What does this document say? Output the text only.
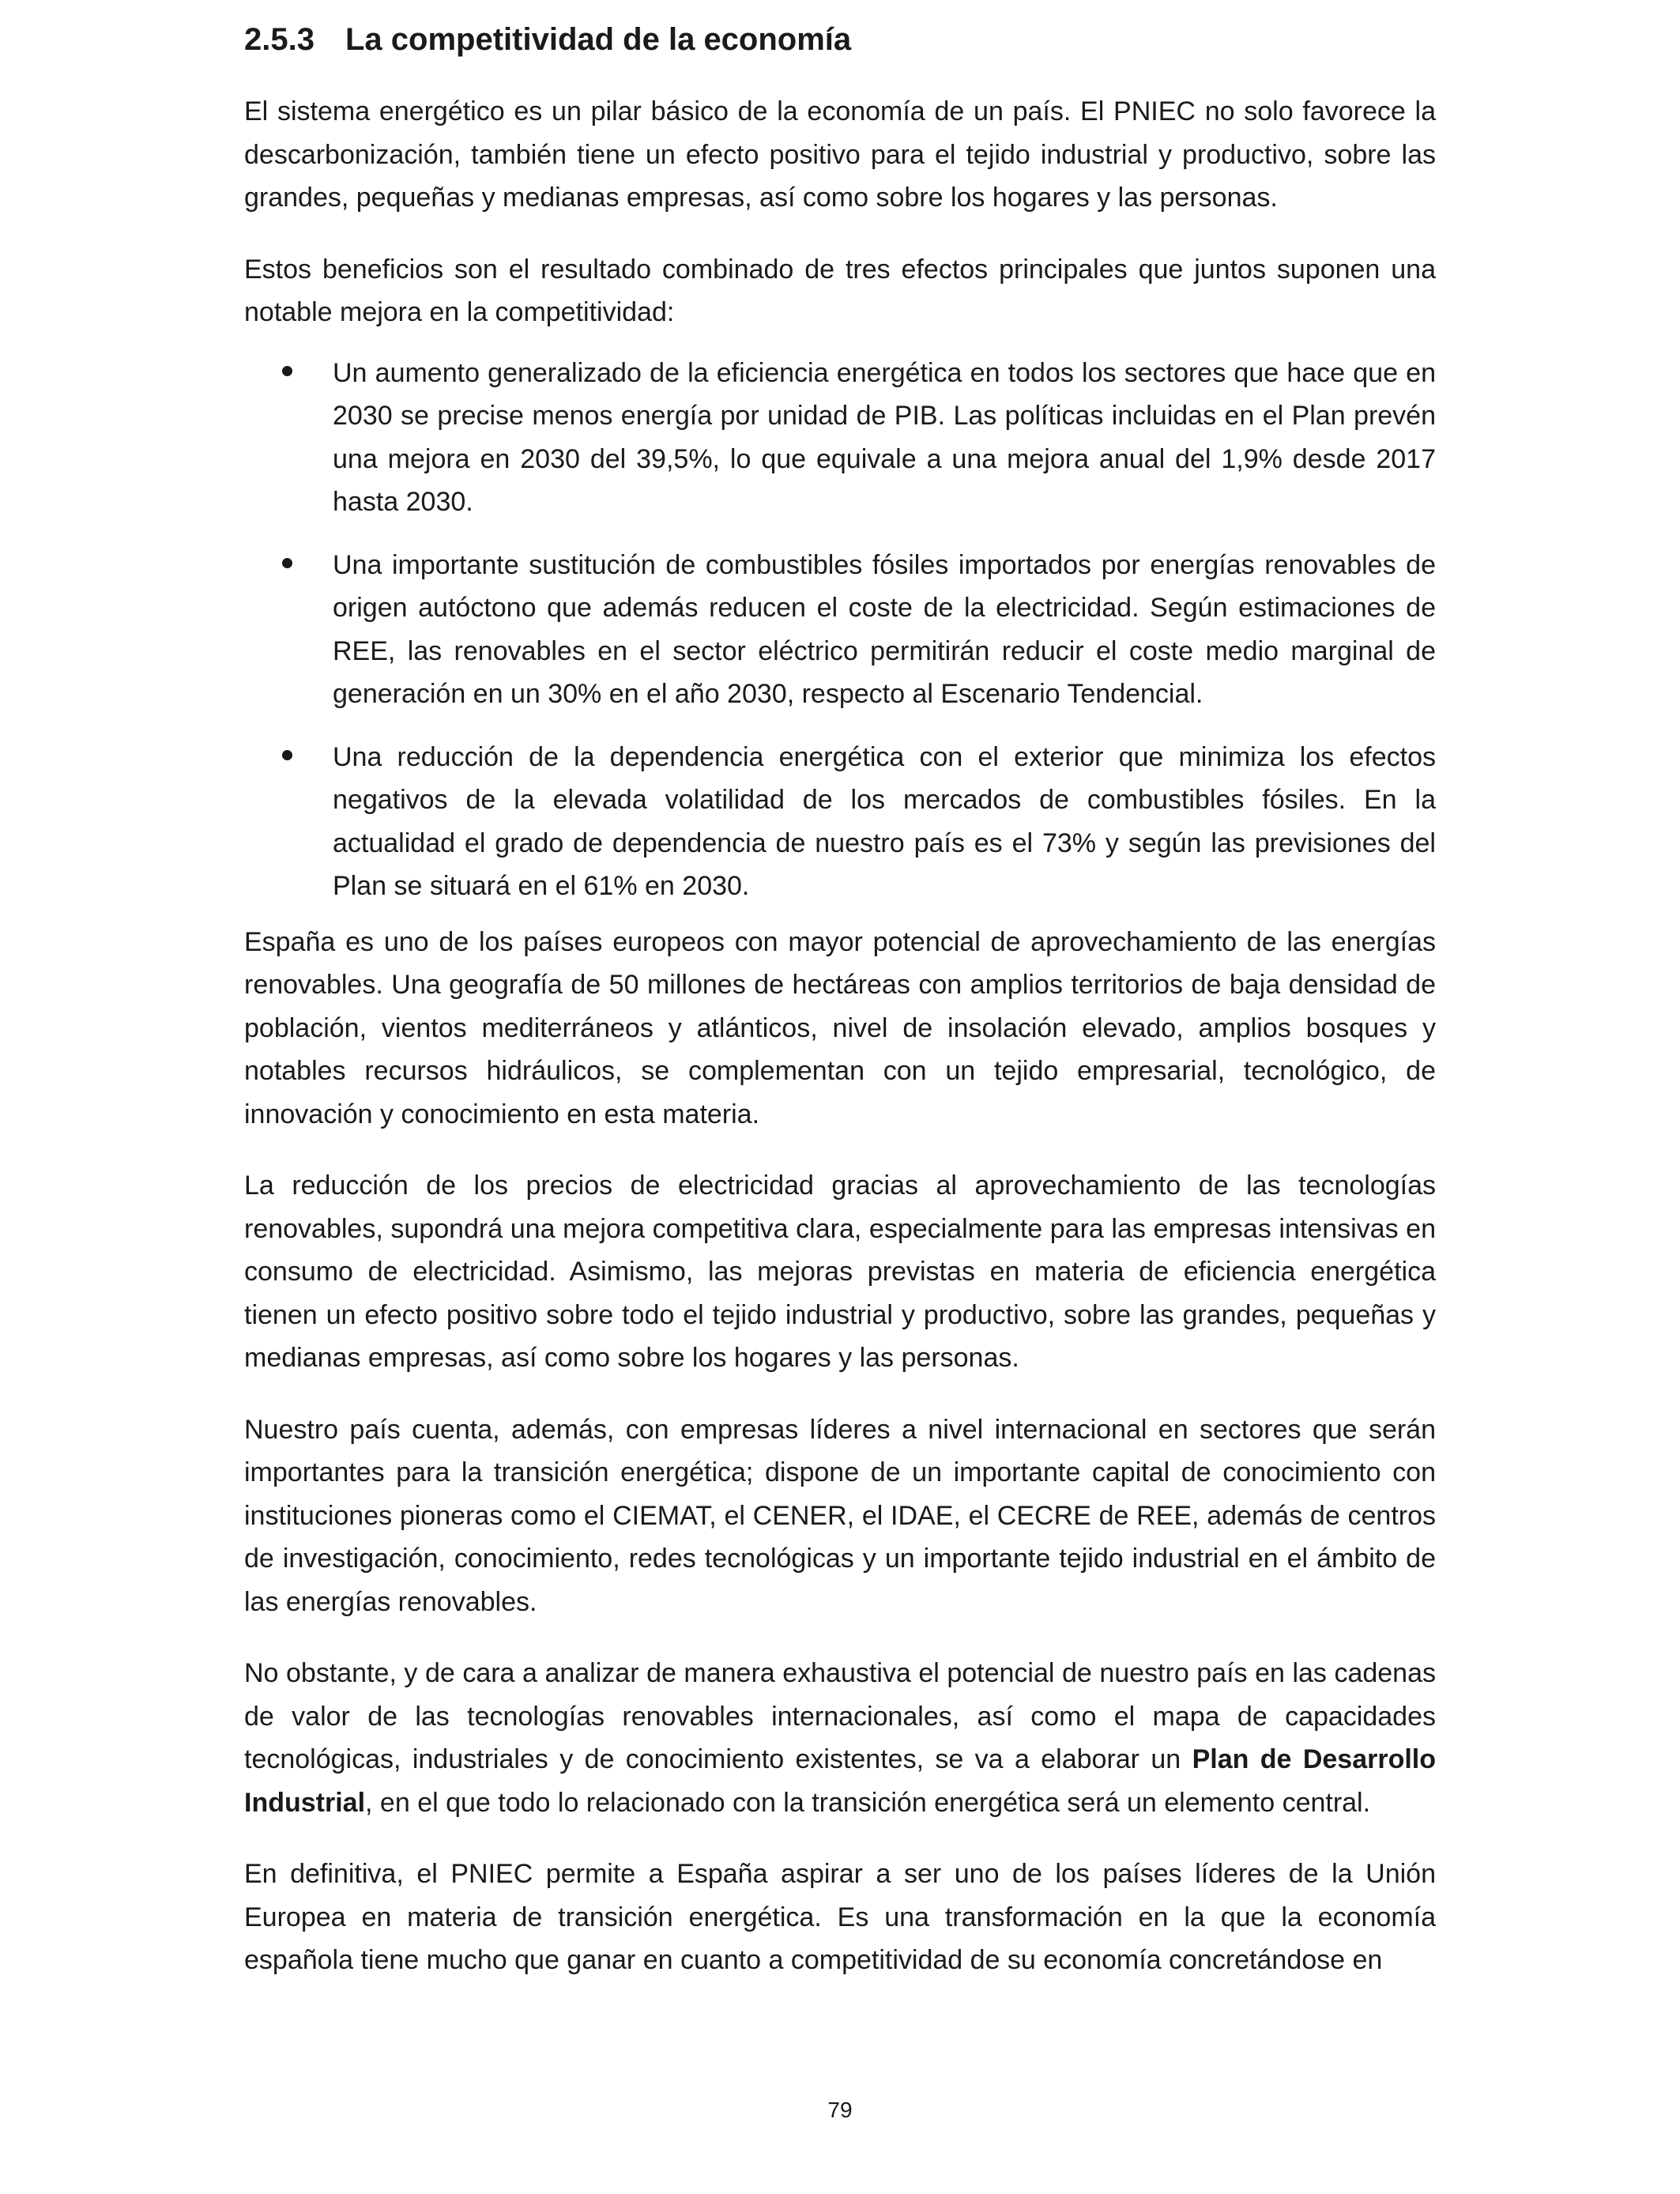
2.5.3 La competitividad de la economía

El sistema energético es un pilar básico de la economía de un país. El PNIEC no solo favorece la descarbonización, también tiene un efecto positivo para el tejido industrial y productivo, sobre las grandes, pequeñas y medianas empresas, así como sobre los hogares y las personas.

Estos beneficios son el resultado combinado de tres efectos principales que juntos suponen una notable mejora en la competitividad:

Un aumento generalizado de la eficiencia energética en todos los sectores que hace que en 2030 se precise menos energía por unidad de PIB. Las políticas incluidas en el Plan prevén una mejora en 2030 del 39,5%, lo que equivale a una mejora anual del 1,9% desde 2017 hasta 2030.
Una importante sustitución de combustibles fósiles importados por energías renovables de origen autóctono que además reducen el coste de la electricidad. Según estimaciones de REE, las renovables en el sector eléctrico permitirán reducir el coste medio marginal de generación en un 30% en el año 2030, respecto al Escenario Tendencial.
Una reducción de la dependencia energética con el exterior que minimiza los efectos negativos de la elevada volatilidad de los mercados de combustibles fósiles. En la actualidad el grado de dependencia de nuestro país es el 73% y según las previsiones del Plan se situará en el 61% en 2030.

España es uno de los países europeos con mayor potencial de aprovechamiento de las energías renovables. Una geografía de 50 millones de hectáreas con amplios territorios de baja densidad de población, vientos mediterráneos y atlánticos, nivel de insolación elevado, amplios bosques y notables recursos hidráulicos, se complementan con un tejido empresarial, tecnológico, de innovación y conocimiento en esta materia.

La reducción de los precios de electricidad gracias al aprovechamiento de las tecnologías renovables, supondrá una mejora competitiva clara, especialmente para las empresas intensivas en consumo de electricidad. Asimismo, las mejoras previstas en materia de eficiencia energética tienen un efecto positivo sobre todo el tejido industrial y productivo, sobre las grandes, pequeñas y medianas empresas, así como sobre los hogares y las personas.

Nuestro país cuenta, además, con empresas líderes a nivel internacional en sectores que serán importantes para la transición energética; dispone de un importante capital de conocimiento con instituciones pioneras como el CIEMAT, el CENER, el IDAE, el CECRE de REE, además de centros de investigación, conocimiento, redes tecnológicas y un importante tejido industrial en el ámbito de las energías renovables.

No obstante, y de cara a analizar de manera exhaustiva el potencial de nuestro país en las cadenas de valor de las tecnologías renovables internacionales, así como el mapa de capacidades tecnológicas, industriales y de conocimiento existentes, se va a elaborar un Plan de Desarrollo Industrial, en el que todo lo relacionado con la transición energética será un elemento central.

En definitiva, el PNIEC permite a España aspirar a ser uno de los países líderes de la Unión Europea en materia de transición energética. Es una transformación en la que la economía española tiene mucho que ganar en cuanto a competitividad de su economía concretándose en

79
